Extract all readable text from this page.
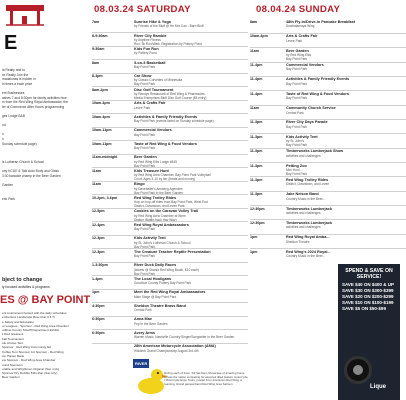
E
la Realty and to
ce Realty Join the
madalonas is hidden in
in times a each prize
ent Businesses
ashes 7 and 8:30pm for family activities hive
m from the Red Wing Royal Ambassador, the
ler of Commerce After Hours programming
ges Lodge B&B
nd
n
n
Sunday schedule page)
is Lutheran Church & School
ony KCUE & Talk Auto Body and Glass
3:30 karaoke champ in the Beer Garden
Garden
eric Park
bject to change
ly focused activities & programs
ES @ BAY POINT
ent tournament hosted with the daily schedules
emberless Landscape Beer Run 3 3 Tr
e Safety and Education
ur Leagues · Sponsor - Red Wing Area Chamber
odthus County Sheriff Department Exhibit
il Red Gleaners
ball Tournament
ole Arrows Tent
Sponsor · Red Wing Community Ed
Coffee Tent Sponsor Art Sponsor - Red Wing
ver Haven Bank
ew Sponsor - Red Wing Area Chamber
ound Sponsors
orable and Wrightmen Organic (Sat. only)
Sponsor Dry Dobble Kids Run (Sat only)
Beer Garden
08.03.24 SATURDAY
7am	Sunrise Hike & Yoga
by Friends of the Bluff @ He Mni Can - Barn Bluff
8-9:30am	River City Ramble
by Anytime Fitness
Run: 5k Run/Walk, Registration by Pottery Pond
9:30am	Kids Fun Run
by Pottery Pond
8am	3-on-3 Basketball
Bay Point Park
8-4pm	Car Show
by Classic Corvettes of Minnesota
Bay Point Park
8am-2pm	Disc Golf Tournament
by Randys Restaurant of Red Wing & Pharmacies
Media Enterprises Bluff Disc Golf Course ($5 entry)
10am-4pm	Arts & Crafts Fair
Levee Park
10am-4pm	Activities & Family Friendly Events
Bay Point Park (events listed on Sunday schedule page)
10am-11pm	Commercial Vendors
Bay Point Park
10am-11pm	Taste of Red Wing & Food Vendors
Bay Point Park
11am-midnight	Beer Garden
by Red Wing Elks Lodge #845
Bay Point Park
11am	Kids Treasure Hunt
by Red Wing Area Chamber, Bay Point Park Volleyball
Court, Ages 4-10 by tier (treats and money)
11am	Bingo
by Daveballer's Amazing Agencies
Bay Point Park in the Beer Garden
10-2pm, 3-6pm	Red Wing Trolley Rides
Hop-on hop-off rides from Bay Point Park, West End
District, Downtown, and Levee Park
12-5pm	Cookies on the Caravan Volley Trail
by Red Wing Area Chamber at Wern
Station (Battle-back Hay Way)
12-4pm	Red Wing Royal Ambassadors
Bay Point Park
12-3pm	Kids Activity Tent
by St. John's Lutheran Church & School
Bay Point Park
12-3pm	The Creature Teacher Reptile Presentation
Bay Point Park
1-3:30pm	River Duck Daily Races
(tickets @ Shania Red Wing Booth, $10 each)
Bay Point Park
1-4pm	The Local Hooligans
Goodhue County Pottery Bay Point Park
1pm	Meet the Red Wing Royal Ambassadors
Main Stage @ Bay Point Park
4:30pm	Sheldon Theatre Brass Band
Central Park
6:30pm	Anna Mae
Pep in the Beer Garden
6:30pm	Avery Arms
Warren Music, Nashville Country Singer/Songwriter in the Beer Garden
28th American Motorcycle Association (AMA)
Hillclimb Grand Championship August 3rd-4th
RIVER
During each of them, Dir Sat Dam Showcase of amazing home across the nation competing for assorted titled feature motorcycle / Motorcycle Expo Tours, posted from downtown Red Wing or roaming, Grand gamual band Red Wing Area Salmen
08.04.24 SUNDAY
8am	48th Fly-in/Drive-in Pancake Breakfast
Sowhatamaya Wing
10am-4pm	Arts & Crafts Fair
Levee Park
11am	Beer Garden
by Red Wing Elks
Bay Point Park
11-4pm	Commercial Vendors
Bay Point Park
11-4pm	Activities & Family Friendly Events
Bay Point Park
11-4pm	Taste of Red Wing & Food Vendors
Bay Point Park
11am	Community Church Service
Central Park
11-3pm	River City Days Parade
Bay Point Park
11-3pm	Kids Activity Tent
by St. John's
Bay Point Park
11-3pm	Timberworks Lumberjack Show
activities and challenges
11-3pm	Petting Zoo
Mini Hoof...
Bay Point Park
11-3pm	Red Wing Trolley Rides
District, Downtown, and Levee
11-3pm	Jake Nelson Band
Country Music in the Beer...
12:30pm	Timberworks Lumberjack
activities and challenges
12:30pm	Timberworks Lumberjack
activities and challenges
1pm	Red Wing Royal Amba...
Sheldon Theatre
1pm	Red Wing's 2024 Royal...
Country Music in the Beer...
SPEND & SAVE ON SERVICE!
SAVE $40 ON $400 & UP
SAVE $30 ON $300-$399
SAVE $20 ON $200-$299
SAVE $10 ON $100-$199
SAVE $5 ON $50-$99
Lique
